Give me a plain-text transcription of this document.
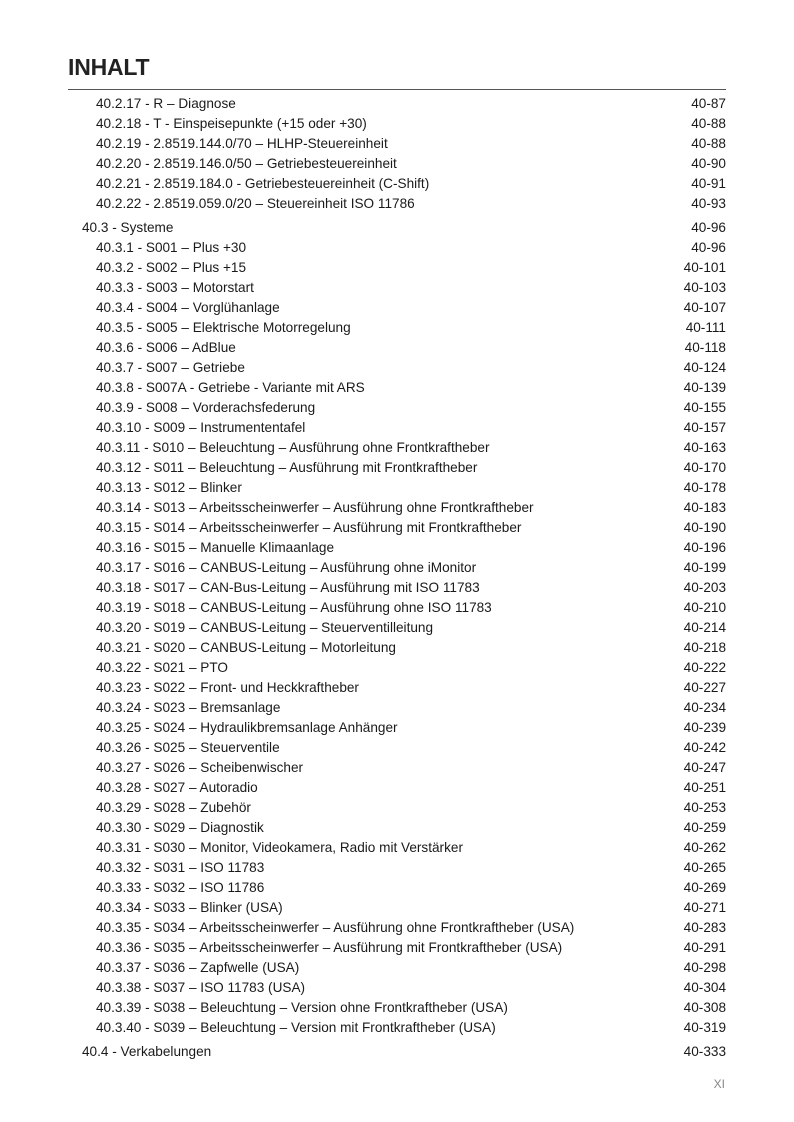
INHALT
40.2.17 - R – Diagnose	40-87
40.2.18 - T - Einspeisepunkte (+15 oder +30)	40-88
40.2.19 - 2.8519.144.0/70 – HLHP-Steuereinheit	40-88
40.2.20 - 2.8519.146.0/50 – Getriebesteuereinheit	40-90
40.2.21 - 2.8519.184.0 - Getriebesteuereinheit (C-Shift)	40-91
40.2.22 - 2.8519.059.0/20 – Steuereinheit ISO 11786	40-93
40.3 - Systeme	40-96
40.3.1 - S001 – Plus +30	40-96
40.3.2 - S002 – Plus +15	40-101
40.3.3 - S003 – Motorstart	40-103
40.3.4 - S004 – Vorglühanlage	40-107
40.3.5 - S005 – Elektrische Motorregelung	40-111
40.3.6 - S006 – AdBlue	40-118
40.3.7 - S007 – Getriebe	40-124
40.3.8 - S007A - Getriebe - Variante mit ARS	40-139
40.3.9 - S008 – Vorderachsfederung	40-155
40.3.10 - S009 – Instrumententafel	40-157
40.3.11 - S010 – Beleuchtung – Ausführung ohne Frontkraftheber	40-163
40.3.12 - S011 – Beleuchtung – Ausführung mit Frontkraftheber	40-170
40.3.13 - S012 – Blinker	40-178
40.3.14 - S013 – Arbeitsscheinwerfer – Ausführung ohne Frontkraftheber	40-183
40.3.15 - S014 – Arbeitsscheinwerfer – Ausführung mit Frontkraftheber	40-190
40.3.16 - S015 – Manuelle Klimaanlage	40-196
40.3.17 - S016 – CANBUS-Leitung – Ausführung ohne iMonitor	40-199
40.3.18 - S017 – CAN-Bus-Leitung – Ausführung mit ISO 11783	40-203
40.3.19 - S018 – CANBUS-Leitung – Ausführung ohne ISO 11783	40-210
40.3.20 - S019 – CANBUS-Leitung – Steuerventilleitung	40-214
40.3.21 - S020 – CANBUS-Leitung – Motorleitung	40-218
40.3.22 - S021 – PTO	40-222
40.3.23 - S022 – Front- und Heckkraftheber	40-227
40.3.24 - S023 – Bremsanlage	40-234
40.3.25 - S024 – Hydraulikbremsanlage Anhänger	40-239
40.3.26 - S025 – Steuerventile	40-242
40.3.27 - S026 – Scheibenwischer	40-247
40.3.28 - S027 – Autoradio	40-251
40.3.29 - S028 – Zubehör	40-253
40.3.30 - S029 – Diagnostik	40-259
40.3.31 - S030 – Monitor, Videokamera, Radio mit Verstärker	40-262
40.3.32 - S031 – ISO 11783	40-265
40.3.33 - S032 – ISO 11786	40-269
40.3.34 - S033 – Blinker (USA)	40-271
40.3.35 - S034 – Arbeitsscheinwerfer – Ausführung ohne Frontkraftheber (USA)	40-283
40.3.36 - S035 – Arbeitsscheinwerfer – Ausführung mit Frontkraftheber (USA)	40-291
40.3.37 - S036 – Zapfwelle (USA)	40-298
40.3.38 - S037 – ISO 11783 (USA)	40-304
40.3.39 - S038 – Beleuchtung – Version ohne Frontkraftheber (USA)	40-308
40.3.40 - S039 – Beleuchtung – Version mit Frontkraftheber (USA)	40-319
40.4 - Verkabelungen	40-333
XI
